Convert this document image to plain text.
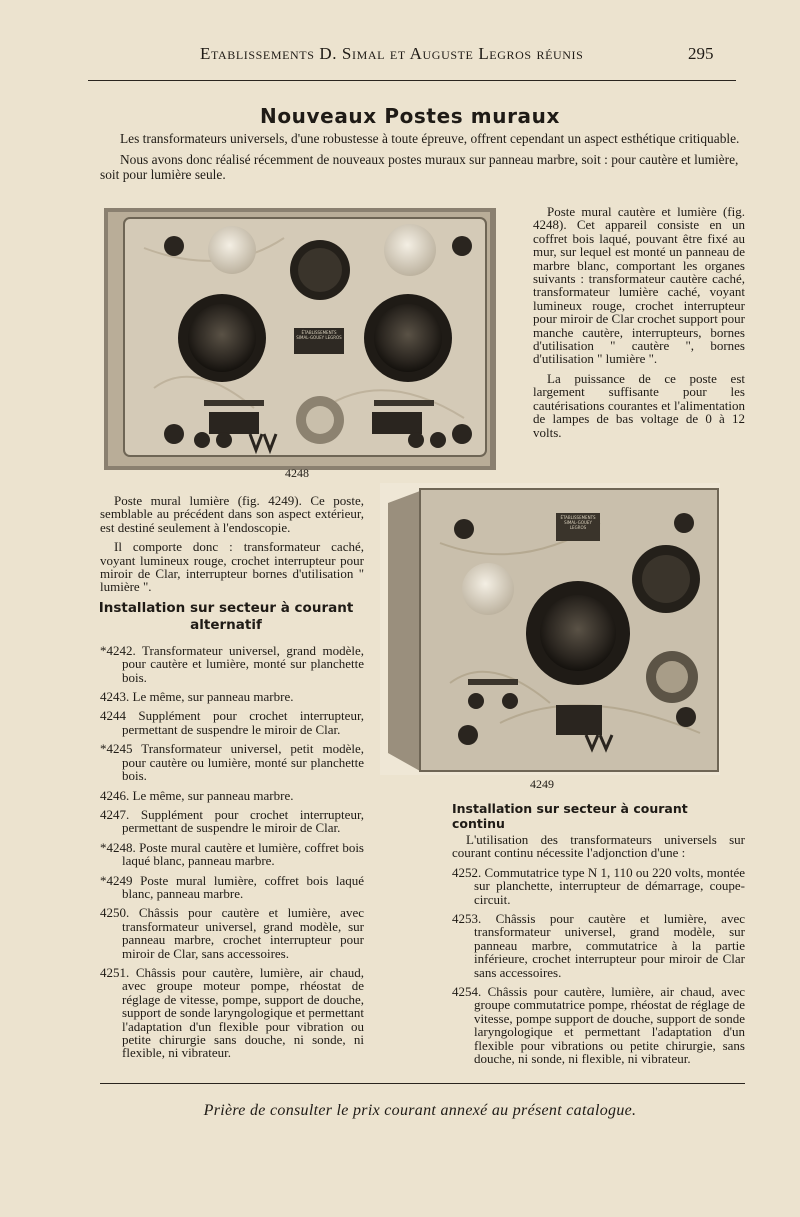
Etablissements D. Simal et Auguste Legros réunis	295
Nouveaux Postes muraux

Les transformateurs universels, d'une robustesse à toute épreuve, offrent cependant un aspect esthétique critiquable.

Nous avons donc réalisé récemment de nouveaux postes muraux sur panneau marbre, soit : pour cautère et lumière, soit pour lumière seule.

ÉTABLISSEMENTS SIMAL-GOUEY LEGROS
4248

Poste mural cautère et lumière (fig. 4248). Cet appareil consiste en un coffret bois laqué, pouvant être fixé au mur, sur lequel est monté un panneau de marbre blanc, comportant les organes suivants : transformateur cautère caché, transformateur lumière caché, voyant lumineux rouge, crochet interrupteur pour miroir de Clar crochet support pour manche cautère, interrupteurs, bornes d'utilisation " cautère ", bornes d'utilisation " lumière ".

La puissance de ce poste est largement suffisante pour les cautérisations courantes et l'alimentation de lampes de bas voltage de 0 à 12 volts.

Poste mural lumière (fig. 4249). Ce poste, semblable au précédent dans son aspect extérieur, est destiné seulement à l'endoscopie.

Il comporte donc : transformateur caché, voyant lumineux rouge, crochet interrupteur pour miroir de Clar, interrupteur bornes d'utilisation " lumière ".

Installation sur secteur à courant
alternatif

*4242. Transformateur universel, grand modèle, pour cautère et lumière, monté sur planchette bois.

4243. Le même, sur panneau marbre.

4244 Supplément pour crochet interrupteur, permettant de suspendre le miroir de Clar.

*4245 Transformateur universel, petit modèle, pour cautère ou lumière, monté sur planchette bois.

4246. Le même, sur panneau marbre.

4247. Supplément pour crochet interrupteur, permettant de suspendre le miroir de Clar.

*4248. Poste mural cautère et lumière, coffret bois laqué blanc, panneau marbre.

*4249 Poste mural lumière, coffret bois laqué blanc, panneau marbre.

4250. Châssis pour cautère et lumière, avec transformateur universel, grand modèle, sur panneau marbre, crochet interrupteur pour miroir de Clar, sans accessoires.

4251. Châssis pour cautère, lumière, air chaud, avec groupe moteur pompe, rhéostat de réglage de vitesse, pompe, support de douche, support de sonde laryngologique et permettant l'adaptation d'un flexible pour vibration ou petite chirurgie sans douche, ni sonde, ni flexible, ni vibrateur.

ÉTABLISSEMENTS SIMAL-GOUEY LEGROS
4249
Installation sur secteur à courant continu

L'utilisation des transformateurs universels sur courant continu nécessite l'adjonction d'une :

4252. Commutatrice type N 1, 110 ou 220 volts, montée sur planchette, interrupteur de démarrage, coupe-circuit.

4253. Châssis pour cautère et lumière, avec transformateur universel, grand modèle, sur panneau marbre, commutatrice à la partie inférieure, crochet interrupteur pour miroir de Clar sans accessoires.

4254. Châssis pour cautère, lumière, air chaud, avec groupe commutatrice pompe, rhéostat de réglage de vitesse, pompe support de douche, support de sonde laryngologique et permettant l'adaptation d'un flexible pour vibrations ou petite chirurgie, sans douche, ni sonde, ni flexible, ni vibrateur.

Prière de consulter le prix courant annexé au présent catalogue.
